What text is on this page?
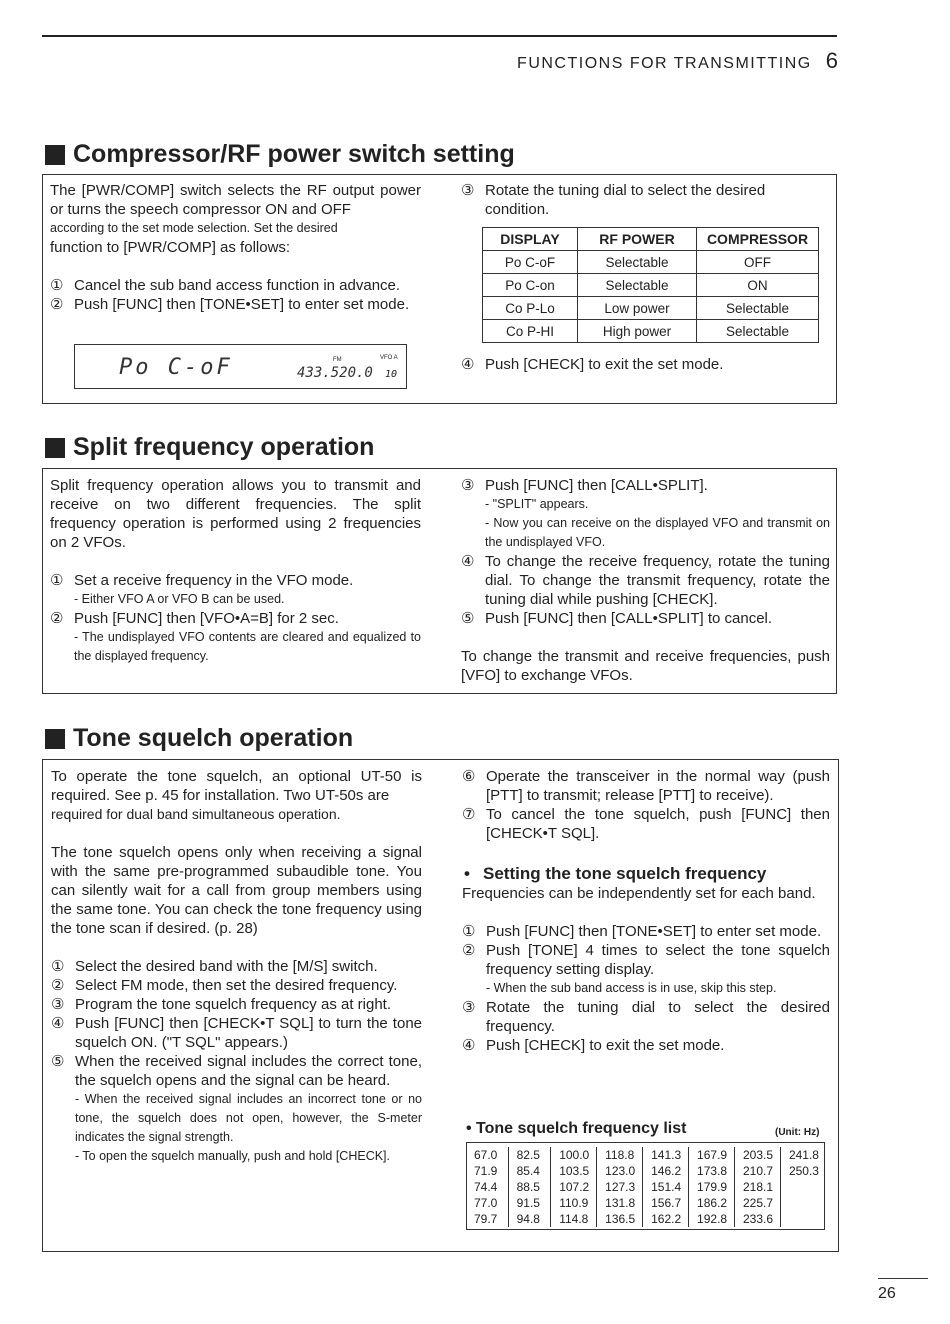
FUNCTIONS FOR TRANSMITTING 6
Compressor/RF power switch setting

The [PWR/COMP] switch selects the RF output power or turns the speech compressor ON and OFF

according to the set mode selection. Set the desired

function to [PWR/COMP] as follows:

① Cancel the sub band access function in advance.
② Push [FUNC] then [TONE•SET] to enter set mode.
Po C-oF	FM	VFO A
433.520.0 10
③ Rotate the tuning dial to select the desired condition.
DISPLAY	RF POWER	COMPRESSOR
Po C-oF	Selectable	OFF
Po C-on	Selectable	ON
Co P-Lo	Low power	Selectable
Co P-HI	High power	Selectable
④ Push [CHECK] to exit the set mode.
Split frequency operation

Split frequency operation allows you to transmit and receive on two different frequencies. The split frequency operation is performed using 2 frequencies on 2 VFOs.

① Set a receive frequency in the VFO mode.

- Either VFO A or VFO B can be used.

② Push [FUNC] then [VFO•A=B] for 2 sec.

- The undisplayed VFO contents are cleared and equalized to the displayed frequency.

③ Push [FUNC] then [CALL•SPLIT].

- "SPLIT" appears.

- Now you can receive on the displayed VFO and transmit on the undisplayed VFO.

④ To change the receive frequency, rotate the tuning dial. To change the transmit frequency, rotate the tuning dial while pushing [CHECK].
⑤ Push [FUNC] then [CALL•SPLIT] to cancel.

To change the transmit and receive frequencies, push [VFO] to exchange VFOs.

Tone squelch operation

To operate the tone squelch, an optional UT-50 is required. See p. 45 for installation. Two UT-50s are

required for dual band simultaneous operation.

The tone squelch opens only when receiving a signal with the same pre-programmed subaudible tone. You can silently wait for a call from group members using the same tone. You can check the tone frequency using the tone scan if desired. (p. 28)

① Select the desired band with the [M/S] switch.
② Select FM mode, then set the desired frequency.
③ Program the tone squelch frequency as at right.
④ Push [FUNC] then [CHECK•T SQL] to turn the tone squelch ON. ("T SQL" appears.)
⑤ When the received signal includes the correct tone, the squelch opens and the signal can be heard.

- When the received signal includes an incorrect tone or no tone, the squelch does not open, however, the S-meter indicates the signal strength.

- To open the squelch manually, push and hold [CHECK].

⑥ Operate the transceiver in the normal way (push [PTT] to transmit; release [PTT] to receive).
⑦ To cancel the tone squelch, push [FUNC] then [CHECK•T SQL].
• Setting the tone squelch frequency

Frequencies can be independently set for each band.

① Push [FUNC] then [TONE•SET] to enter set mode.
② Push [TONE] 4 times to select the tone squelch frequency setting display.

- When the sub band access is in use, skip this step.

③ Rotate the tuning dial to select the desired frequency.
④ Push [CHECK] to exit the set mode.
• Tone squelch frequency list	(Unit: Hz)
67.0	82.5	100.0	118.8	141.3	167.9	203.5	241.8
71.9	85.4	103.5	123.0	146.2	173.8	210.7	250.3
74.4	88.5	107.2	127.3	151.4	179.9	218.1	
77.0	91.5	110.9	131.8	156.7	186.2	225.7	
79.7	94.8	114.8	136.5	162.2	192.8	233.6	
26
